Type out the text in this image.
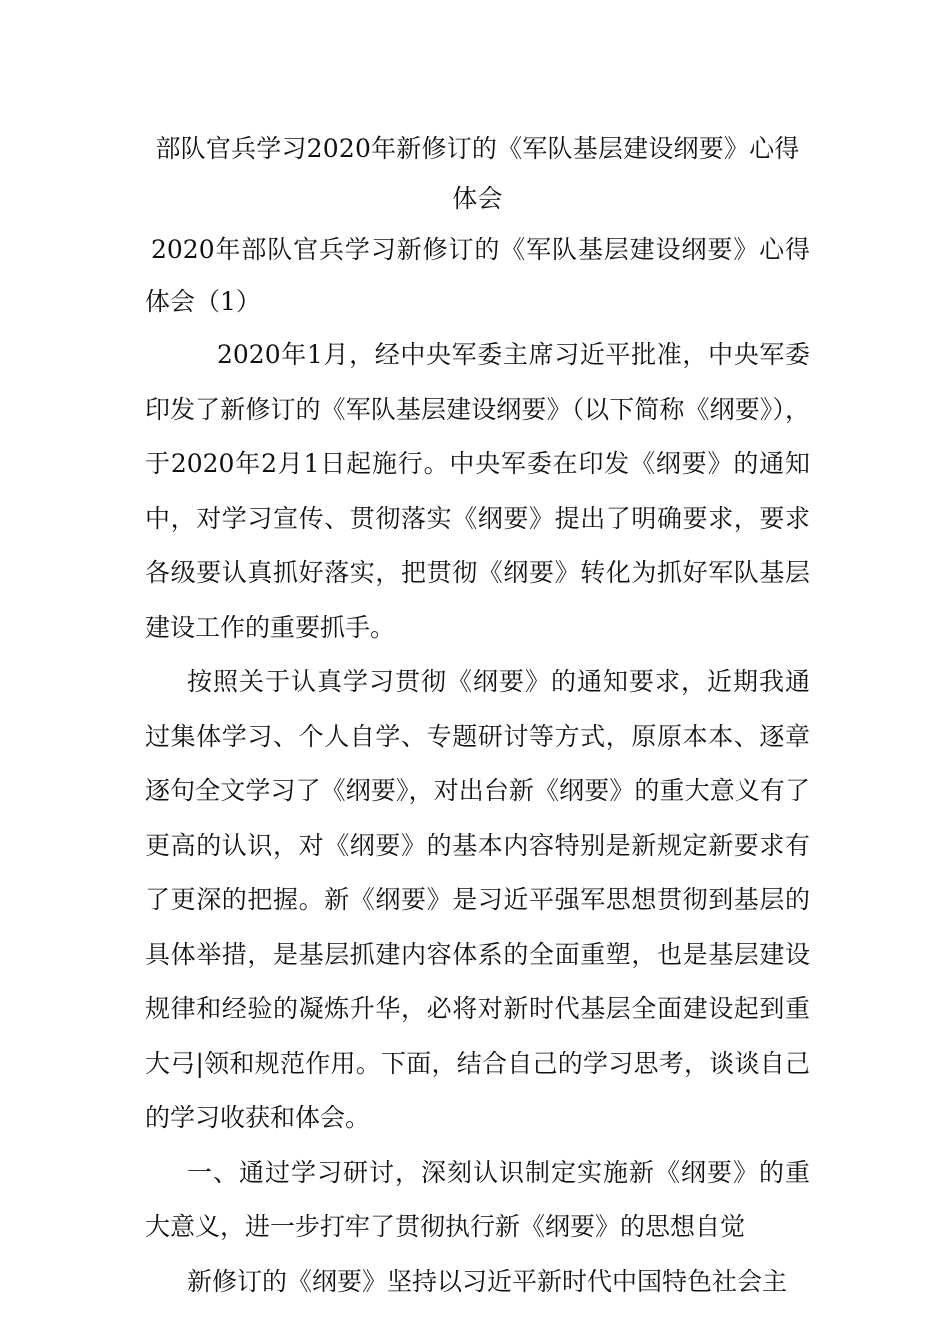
部队官兵学习2020年新修订的《军队基层建设纲要》心得体会

2020年部队官兵学习新修订的《军队基层建设纲要》心得体会（1）

2020年1月，经中央军委主席习近平批准，中央军委印发了新修订的《军队基层建设纲要》（以下简称《纲要》），于2020年2月1日起施行。中央军委在印发《纲要》的通知中，对学习宣传、贯彻落实《纲要》提出了明确要求，要求各级要认真抓好落实，把贯彻《纲要》转化为抓好军队基层建设工作的重要抓手。

按照关于认真学习贯彻《纲要》的通知要求，近期我通过集体学习、个人自学、专题研讨等方式，原原本本、逐章逐句全文学习了《纲要》，对出台新《纲要》的重大意义有了更高的认识，对《纲要》的基本内容特别是新规定新要求有了更深的把握。新《纲要》是习近平强军思想贯彻到基层的具体举措，是基层抓建内容体系的全面重塑，也是基层建设规律和经验的凝炼升华，必将对新时代基层全面建设起到重大弓|领和规范作用。下面，结合自己的学习思考，谈谈自己的学习收获和体会。

一、通过学习研讨，深刻认识制定实施新《纲要》的重大意义，进一步打牢了贯彻执行新《纲要》的思想自觉

新修订的《纲要》坚持以习近平新时代中国特色社会主
